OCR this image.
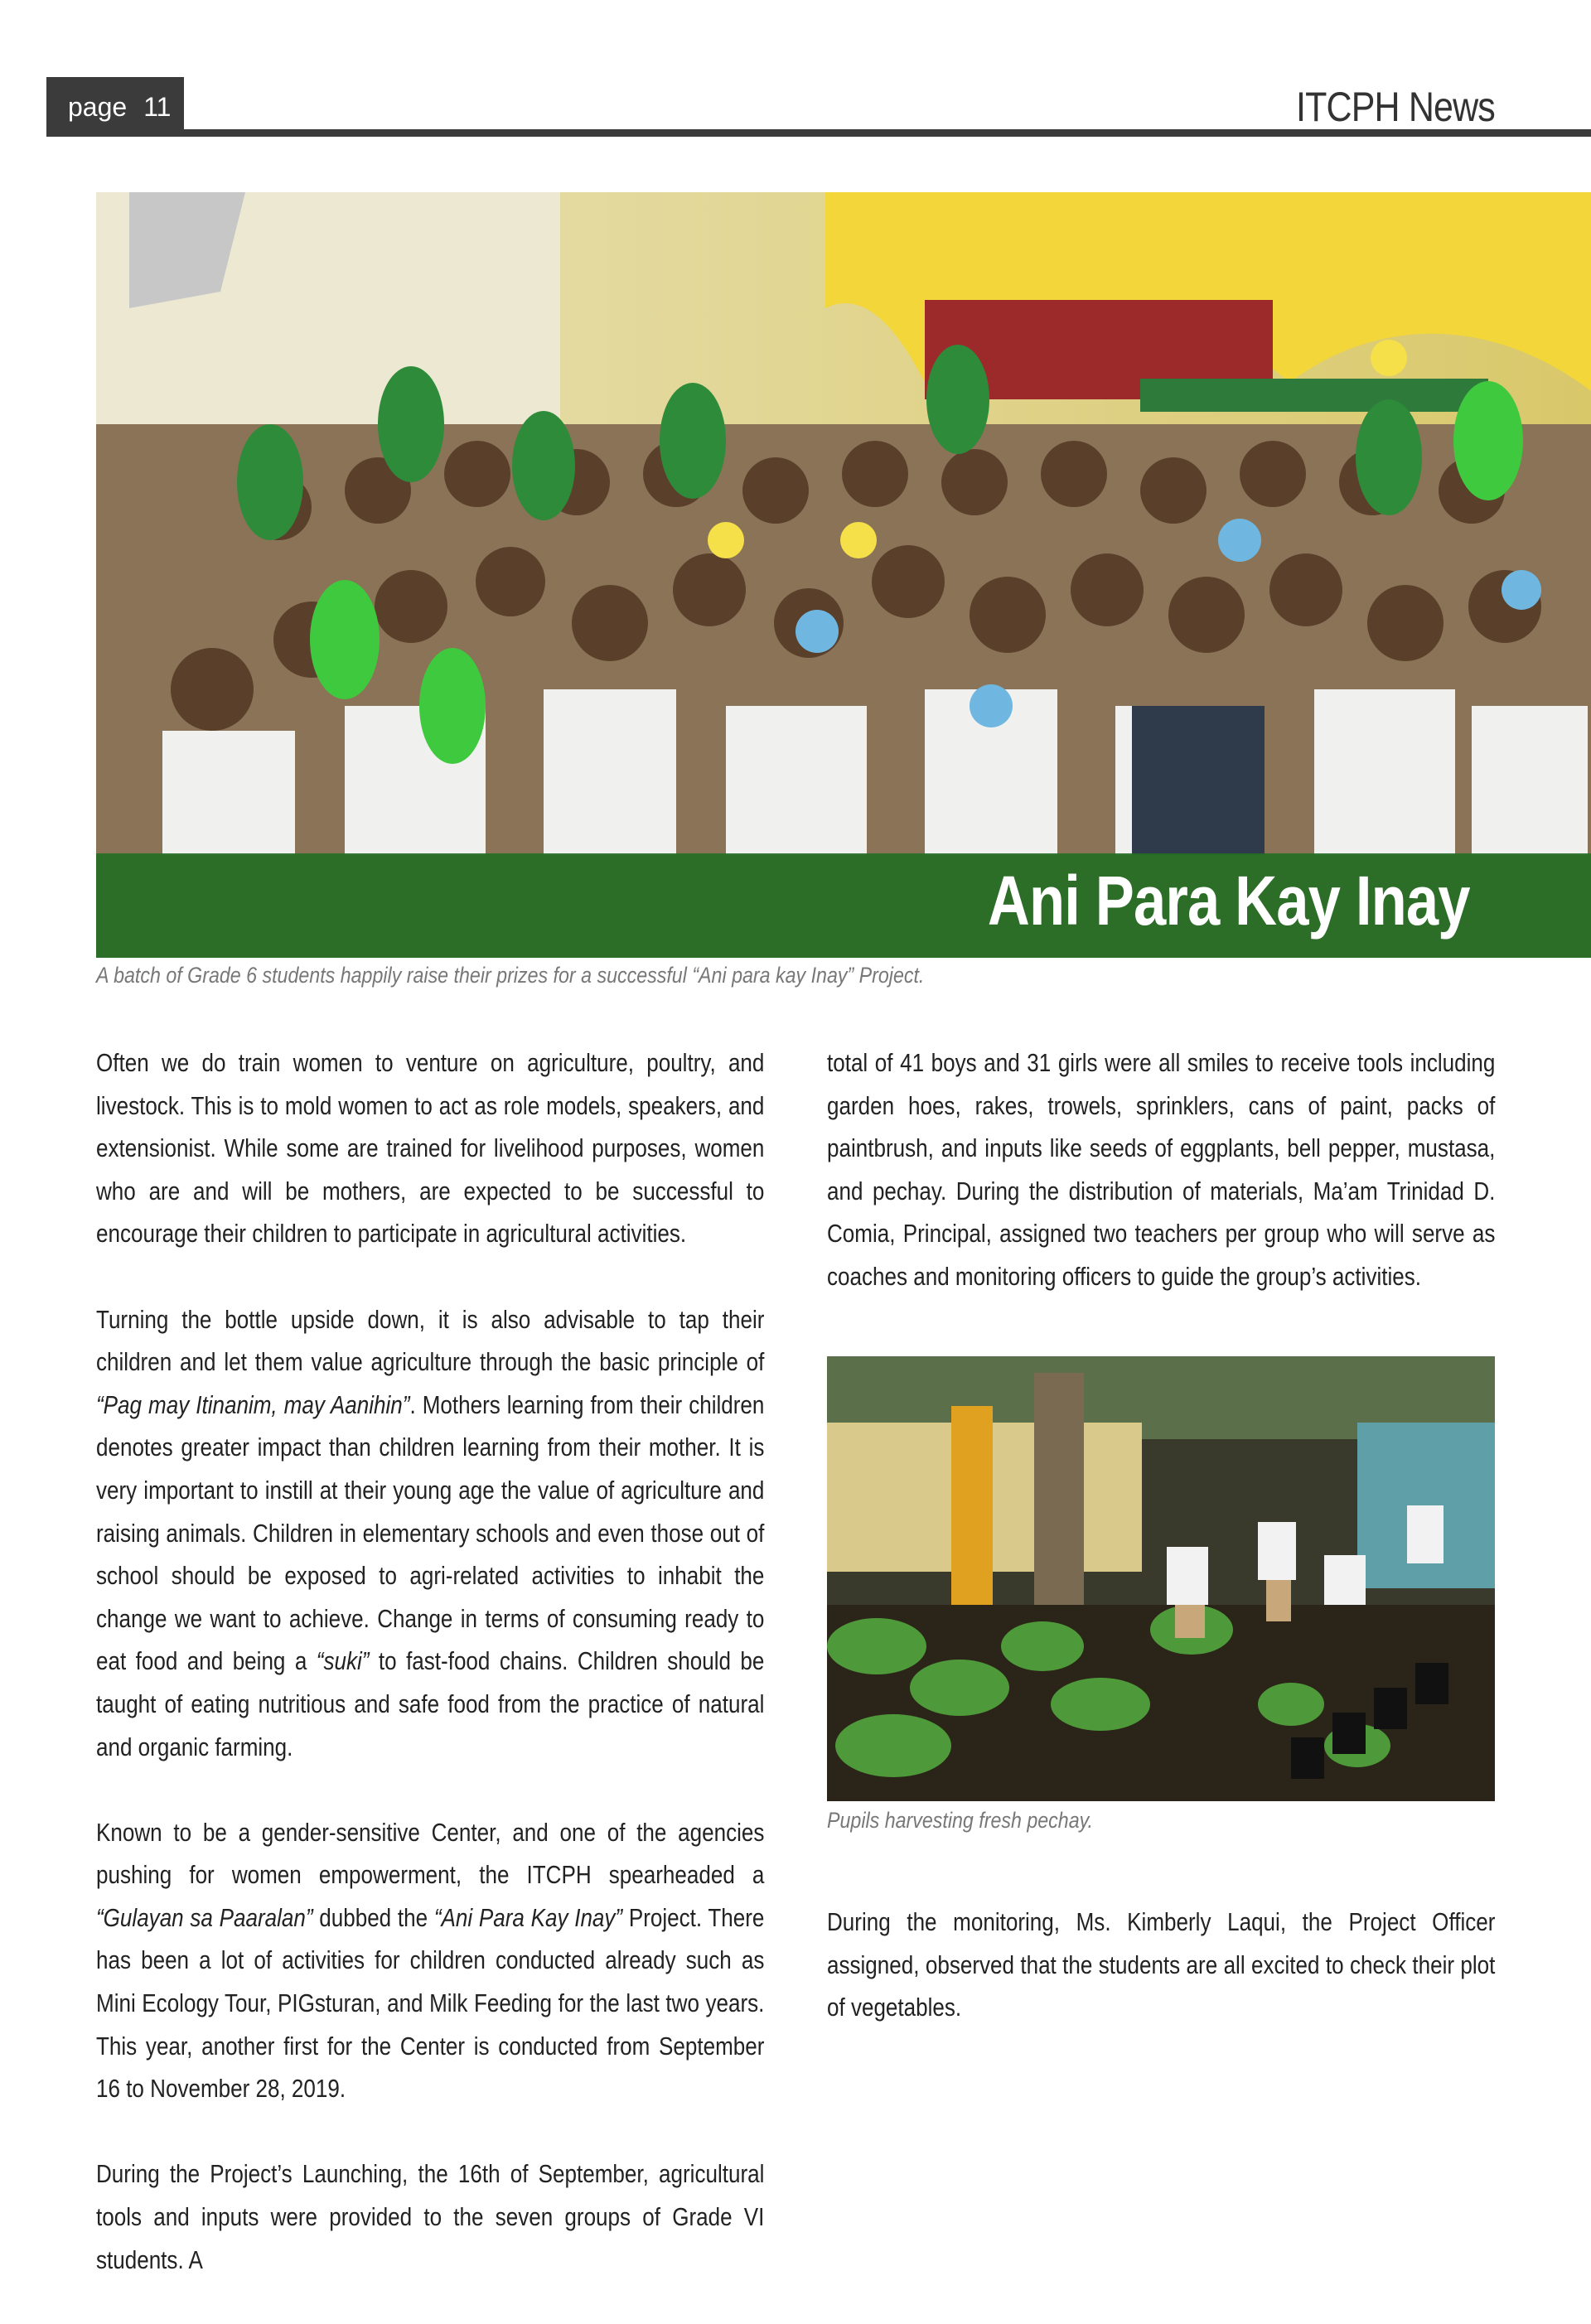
page 11	ITCPH News
Ani Para Kay Inay
A batch of Grade 6 students happily raise their prizes for a successful “Ani para kay Inay” Project.

Often we do train women to venture on agriculture, poultry, and livestock. This is to mold women to act as role models, speakers, and extensionist. While some are trained for livelihood purposes, women who are and will be mothers, are expected to be successful to encourage their children to participate in agricultural activities.

Turning the bottle upside down, it is also advisable to tap their children and let them value agriculture through the basic principle of “Pag may Itinanim, may Aanihin”. Mothers learning from their children denotes greater impact than children learning from their mother. It is very important to instill at their young age the value of agriculture and raising animals. Children in elementary schools and even those out of school should be exposed to agri-related activities to inhabit the change we want to achieve. Change in terms of consuming ready to eat food and being a “suki” to fast-food chains. Children should be taught of eating nutritious and safe food from the practice of natural and organic farming.

Known to be a gender-sensitive Center, and one of the agencies pushing for women empowerment, the ITCPH spearheaded a “Gulayan sa Paaralan” dubbed the “Ani Para Kay Inay” Project. There has been a lot of activities for children conducted already such as Mini Ecology Tour, PIGsturan, and Milk Feeding for the last two years. This year, another first for the Center is conducted from September 16 to November 28, 2019.

During the Project’s Launching, the 16th of September, agricultural tools and inputs were provided to the seven groups of Grade VI students. A

total of 41 boys and 31 girls were all smiles to receive tools including garden hoes, rakes, trowels, sprinklers, cans of paint, packs of paintbrush, and inputs like seeds of eggplants, bell pepper, mustasa, and pechay. During the distribution of materials, Ma’am Trinidad D. Comia, Principal, assigned two teachers per group who will serve as coaches and monitoring officers to guide the group’s activities.

Pupils harvesting fresh pechay.

During the monitoring, Ms. Kimberly Laqui, the Project Officer assigned, observed that the students are all excited to check their plot of vegetables.
